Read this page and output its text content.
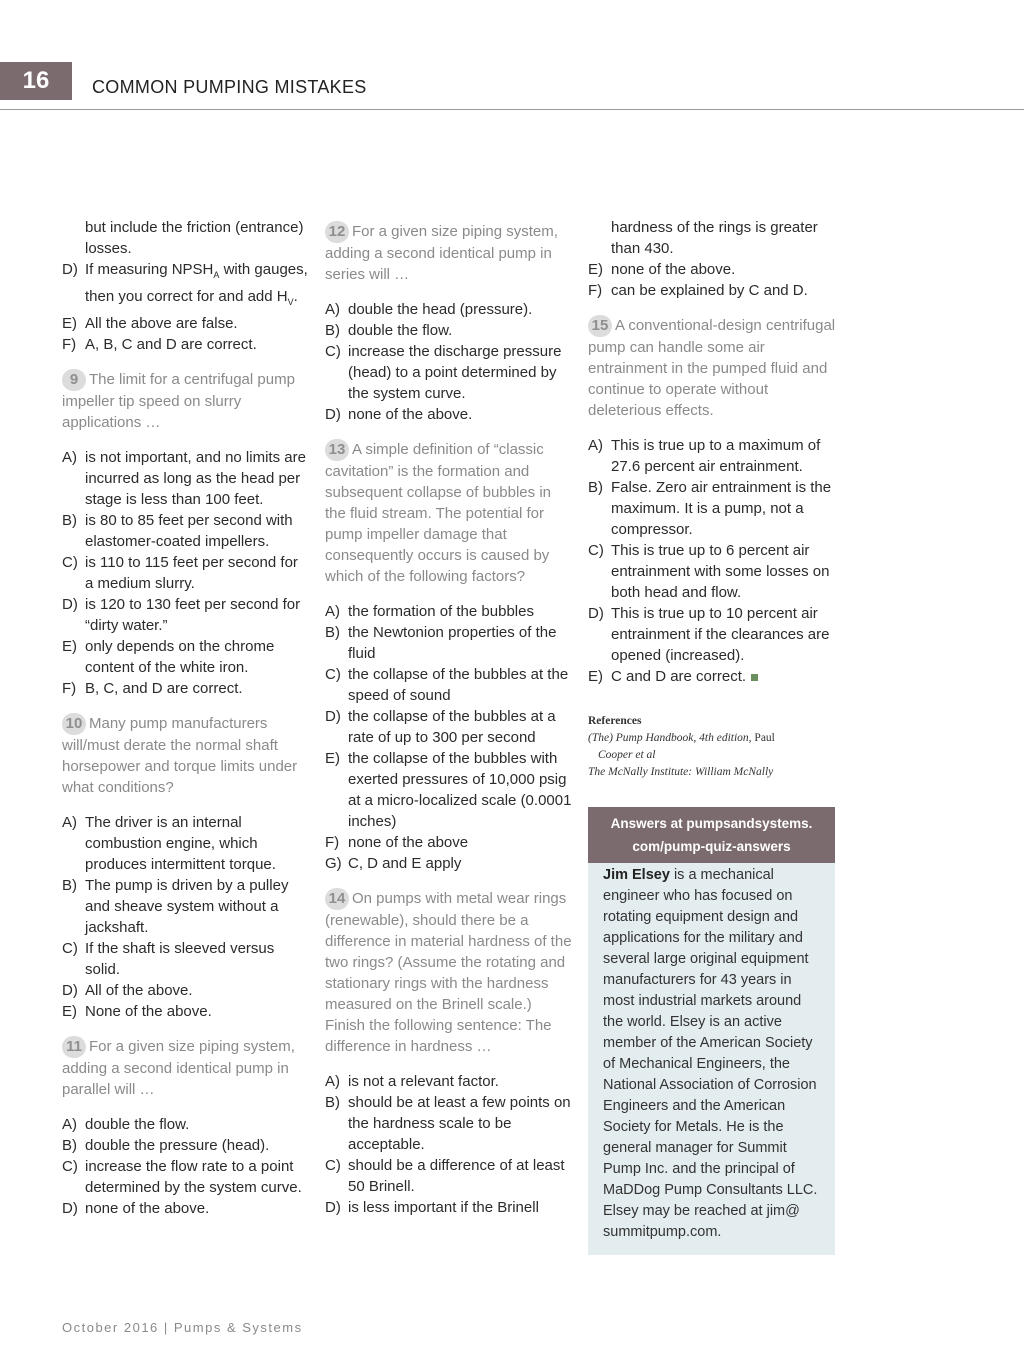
16	COMMON PUMPING MISTAKES

but include the friction (entrance) losses.

D) If measuring $NPSH_A$ with gauges, then you correct for and add $H_V$.
E) All the above are false.
F) A, B, C and D are correct.

9 The limit for a centrifugal pump impeller tip speed on slurry applications …

A) is not important, and no limits are incurred as long as the head per stage is less than 100 feet.
B) is 80 to 85 feet per second with elastomer-coated impellers.
C) is 110 to 115 feet per second for a medium slurry.
D) is 120 to 130 feet per second for “dirty water.”
E) only depends on the chrome content of the white iron.
F) B, C, and D are correct.

10 Many pump manufacturers will/must derate the normal shaft horsepower and torque limits under what conditions?

A) The driver is an internal combustion engine, which produces intermittent torque.
B) The pump is driven by a pulley and sheave system without a jackshaft.
C) If the shaft is sleeved versus solid.
D) All of the above.
E) None of the above.

11 For a given size piping system, adding a second identical pump in parallel will …

A) double the flow.
B) double the pressure (head).
C) increase the flow rate to a point determined by the system curve.
D) none of the above.

12 For a given size piping system, adding a second identical pump in series will …

A) double the head (pressure).
B) double the flow.
C) increase the discharge pressure (head) to a point determined by the system curve.
D) none of the above.

13 A simple definition of “classic cavitation” is the formation and subsequent collapse of bubbles in the fluid stream. The potential for pump impeller damage that consequently occurs is caused by which of the following factors?

A) the formation of the bubbles
B) the Newtonion properties of the fluid
C) the collapse of the bubbles at the speed of sound
D) the collapse of the bubbles at a rate of up to 300 per second
E) the collapse of the bubbles with exerted pressures of 10,000 psig at a micro-localized scale (0.0001 inches)
F) none of the above
G) C, D and E apply

14 On pumps with metal wear rings (renewable), should there be a difference in material hardness of the two rings? (Assume the rotating and stationary rings with the hardness measured on the Brinell scale.)

Finish the following sentence: The difference in hardness …

A) is not a relevant factor.
B) should be at least a few points on the hardness scale to be acceptable.
C) should be a difference of at least 50 Brinell.
D) is less important if the Brinell

hardness of the rings is greater than 430.

E) none of the above.
F) can be explained by C and D.

15 A conventional-design centrifugal pump can handle some air entrainment in the pumped fluid and continue to operate without deleterious effects.

A) This is true up to a maximum of 27.6 percent air entrainment.
B) False. Zero air entrainment is the maximum. It is a pump, not a compressor.
C) This is true up to 6 percent air entrainment with some losses on both head and flow.
D) This is true up to 10 percent air entrainment if the clearances are opened (increased).
E) C and D are correct.
References
(The) Pump Handbook, 4th edition, Paul
Cooper et al
The McNally Institute: William McNally
Answers at pumpsandsystems.
com/pump-quiz-answers
Jim Elsey is a mechanical engineer who has focused on rotating equipment design and applications for the military and several large original equipment manufacturers for 43 years in most industrial markets around the world. Elsey is an active member of the American Society of Mechanical Engineers, the National Association of Corrosion Engineers and the American Society for Metals. He is the general manager for Summit Pump Inc. and the principal of MaDDog Pump Consultants LLC. Elsey may be reached at jim@ summitpump.com.
October 2016 | Pumps & Systems
